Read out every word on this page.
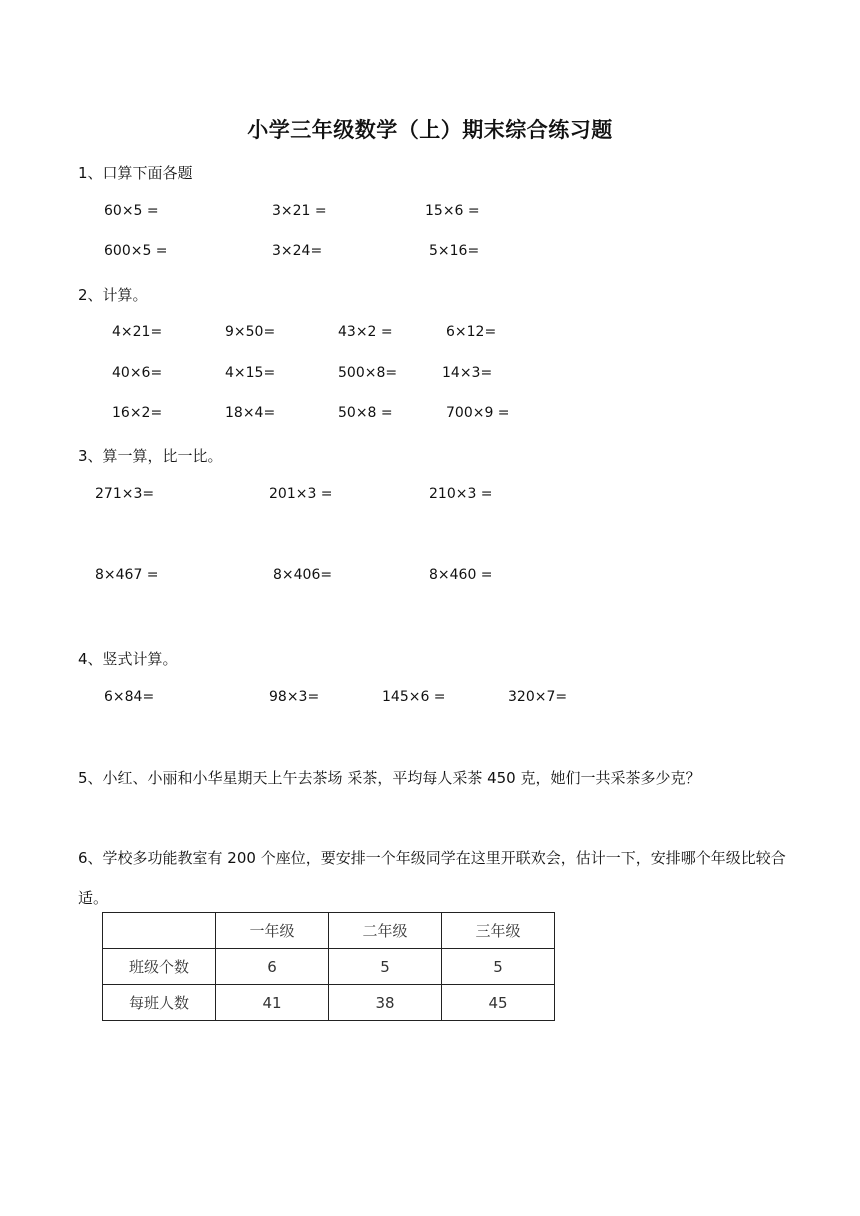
小学三年级数学（上）期末综合练习题
1、口算下面各题
60×5 =	3×21 =	15×6 =
600×5 =	3×24=	5×16=
2、计算。
4×21=	9×50=	43×2 =	6×12=
40×6=	4×15=	500×8=	14×3=
16×2=	18×4=	50×8 =	700×9 =
3、算一算，比一比。
271×3=	201×3 =	210×3 =
8×467 =	8×406=	8×460 =
4、竖式计算。
6×84=	98×3=	145×6 =	320×7=
5、小红、小丽和小华星期天上午去茶场 采茶，平均每人采茶 450 克，她们一共采茶多少克？
6、学校多功能教室有 200 个座位，要安排一个年级同学在这里开联欢会，估计一下，安排哪个年级比较合适。
	一年级	二年级	三年级
班级个数	6	5	5
每班人数	41	38	45
